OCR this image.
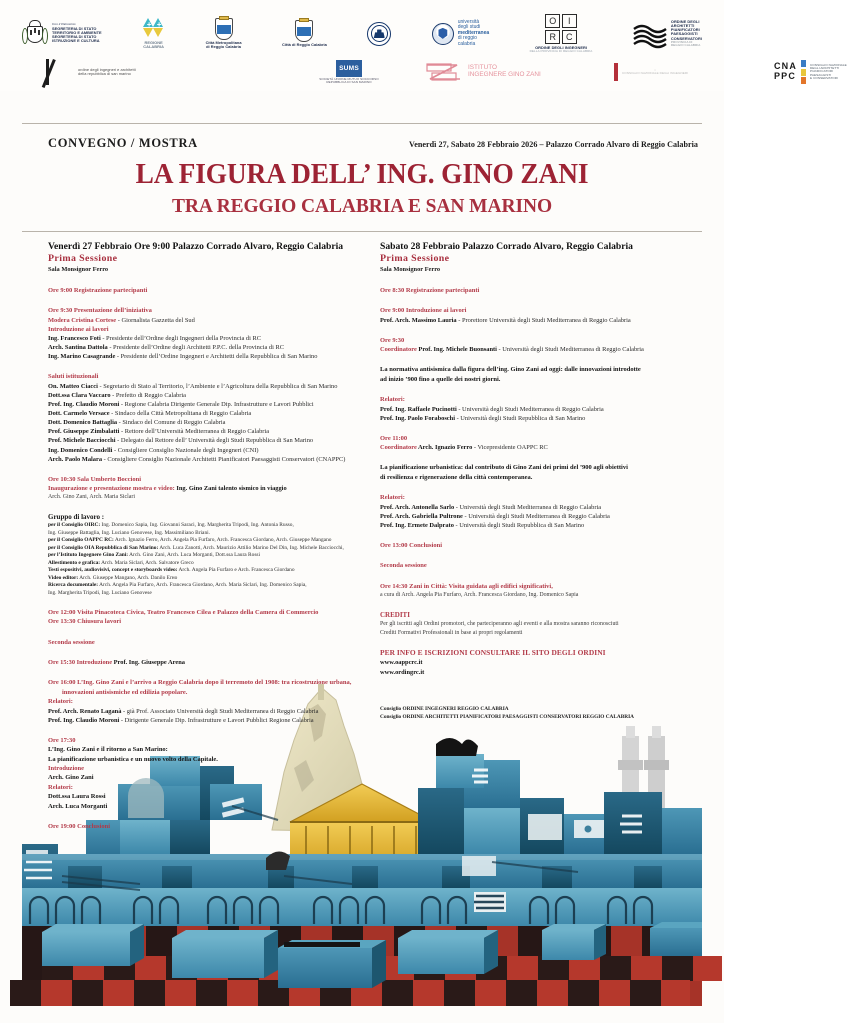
Con il Patrocinio
SEGRETERIA DI STATO
TERRITORIO E AMBIENTE
SEGRETERIA DI STATO
ISTRUZIONE E CULTURA
+ +
REGIONE
CALABRIA
Città Metropolitana
di Reggio Calabria	Città di Reggio Calabria
università
degli studi
mediterranea
di reggio
calabria
O	I
R	C
ORDINE DEGLI INGEGNERI
DELLA PROVINCIA DI REGGIO CALABRIA
ORDINE DEGLI
ARCHITETTI
PIANIFICATORI
PAESAGGISTI
CONSERVATORI
PROVINCIA DI
REGGIO CALABRIA
ordine degli ingegneri e architetti
della repubblica di san marino
SUMS
SOCIETÀ UNIONE MUTUO SOCCORSO
REPUBBLICA DI SAN MARINO
ISTITUTO
INGEGNERE GINO ZANI
○
CONSIGLIO NAZIONALE DEGLI INGEGNERI
CNA
PPC
CONSIGLIO NAZIONALE
DEGLI ARCHITETTI
PIANIFICATORI
PAESAGGISTI
E CONSERVATORI
CONVEGNO / MOSTRA	Venerdì 27, Sabato 28 Febbraio 2026 – Palazzo Corrado Alvaro di Reggio Calabria
LA FIGURA DELL’ ING. GINO ZANI
TRA REGGIO CALABRIA E SAN MARINO
Venerdì 27 Febbraio Ore 9:00 Palazzo Corrado Alvaro, Reggio Calabria
Prima Sessione
Sala Monsignor Ferro
Ore 9:00 Registrazione partecipanti
Ore 9:30 Presentazione dell’iniziativa
Modera Cristina Cortese - Giornalista Gazzetta del Sud
Introduzione ai lavori
Ing. Francesco Foti - Presidente dell’Ordine degli Ingegneri della Provincia di RC
Arch. Santina Dattola - Presidente dell’Ordine degli Architetti P.P.C. della Provincia di RC
Ing. Marino Casagrande - Presidente dell’Ordine Ingegneri e Architetti della Repubblica di San Marino
Saluti istituzionali
On. Matteo Ciacci - Segretario di Stato al Territorio, l’Ambiente e l’Agricoltura della Repubblica di San Marino
Dott.ssa Clara Vaccaro - Prefetto di Reggio Calabria
Prof. Ing. Claudio Moroni - Regione Calabria Dirigente Generale Dip. Infrastrutture e Lavori Pubblici
Dott. Carmelo Versace - Sindaco della Città Metropolitana di Reggio Calabria
Dott. Domenico Battaglia - Sindaco del Comune di Reggio Calabria
Prof. Giuseppe Zimbalatti - Rettore dell’Università Mediterranea di Reggio Calabria
Prof. Michele Bacciocchi - Delegato dal Rettore dell’ Università degli Studi Repubblica di San Marino
Ing. Domenico Condelli - Consigliere Consiglio Nazionale degli Ingegneri (CNI)
Arch. Paolo Malara - Consigliere Consiglio Nazionale Architetti Pianificatori Paesaggisti Conservatori (CNAPPC)
Ore 10:30 Sala Umberto Boccioni
Inaugurazione e presentazione mostra e video: Ing. Gino Zani talento sismico in viaggio
Arch. Gino Zani, Arch. Maria Siclari
Gruppo di lavoro :
per il Consiglio OIRC: Ing. Domenico Sapia, Ing. Giovanni Saraci, Ing. Margherita Tripodi, Ing. Antonia Russo,
Ing. Giuseppe Battaglia, Ing. Luciano Genovese, Ing. Massimiliano Briani.
per il Consiglio OAPPC RC: Arch. Ignazio Ferro, Arch. Angela Pia Furfaro, Arch. Francesca Giordano, Arch. Giuseppe Mangano
per il Consiglio OIA Repubblica di San Marino: Arch. Luca Zanotti, Arch. Maurizio Attilio Marino Del Din, Ing. Michele Bacciocchi,
per l’Istituto Ingegnere Gino Zani: Arch. Gino Zani, Arch. Luca Morganti, Dott.ssa Laura Rossi
Allestimento e grafica: Arch. Maria Siclari, Arch. Salvatore Greco
Testi espositivi, audiovisivi, concept e storyboards video: Arch. Angela Pia Furfaro e Arch. Francesca Giordano
Video editor: Arch. Giuseppe Mangano, Arch. Danilo Erно
Ricerca documentale: Arch. Angela Pia Furfaro, Arch. Francesca Giordano, Arch. Maria Siclari, Ing. Domenico Sapia,
Ing. Margherita Tripodi, Ing. Luciano Genovese
Ore 12:00 Visita Pinacoteca Civica, Teatro Francesco Cilea e Palazzo della Camera di Commercio
Ore 13:30 Chiusura lavori
Seconda sessione
Ore 15:30 Introduzione Prof. Ing. Giuseppe Arena
Ore 16:00 L’Ing. Gino Zani e l’arrivo a Reggio Calabria dopo il terremoto del 1908: tra ricostruzione urbana,
innovazioni antisismiche ed edilizia popolare.
Relatori:
Prof. Arch. Renato Laganà - già Prof. Associato Università degli Studi Mediterranea di Reggio Calabria
Prof. Ing. Claudio Moroni - Dirigente Generale Dip. Infrastrutture e Lavori Pubblici Regione Calabria
Ore 17:30
L’Ing. Gino Zani e il ritorno a San Marino:
La pianificazione urbanistica e un nuovo volto della Capitale.
Introduzione
Arch. Gino Zani
Relatori:
Dott.ssa Laura Rossi
Arch. Luca Morganti
Ore 19:00 Conclusioni
Sabato 28 Febbraio Palazzo Corrado Alvaro, Reggio Calabria
Prima Sessione
Sala Monsignor Ferro
Ore 8:30 Registrazione partecipanti
Ore 9:00 Introduzione ai lavori
Prof. Arch. Massimo Lauria - Prorettore Università degli Studi Mediterranea di Reggio Calabria
Ore 9:30
Coordinatore Prof. Ing. Michele Buonsanti - Università degli Studi Mediterranea di Reggio Calabria
La normativa antisismica dalla figura dell’ing. Gino Zani ad oggi: dalle innovazioni introdotte
ad inizio ’900 fino a quelle dei nostri giorni.
Relatori:
Prof. Ing. Raffaele Pucinotti - Università degli Studi Mediterranea di Reggio Calabria
Prof. Ing. Paolo Foraboschi - Università degli Studi Repubblica di San Marino
Ore 11:00
Coordinatore Arch. Ignazio Ferro - Vicepresidente OAPPC RC
La pianificazione urbanistica: dal contributo di Gino Zani dei primi del ’900 agli obiettivi
di resilienza e rigenerazione della città contemporanea.
Relatori:
Prof. Arch. Antonella Sarlo - Università degli Studi Mediterranea di Reggio Calabria
Prof. Arch. Gabriella Pultrone - Università degli Studi Mediterranea di Reggio Calabria
Prof. Ing. Ermete Dalprato - Università degli Studi Repubblica di San Marino
Ore 13:00 Conclusioni
Seconda sessione
Ore 14:30 Zani in Città: Visita guidata agli edifici significativi,
a cura di Arch. Angela Pia Furfaro, Arch. Francesca Giordano, Ing. Domenico Sapia
CREDITI
Per gli iscritti agli Ordini promotori, che parteciperanno agli eventi e alla mostra saranno riconosciuti
Crediti Formativi Professionali in base ai propri regolamenti
PER INFO E ISCRIZIONI CONSULTARE IL SITO DEGLI ORDINI
www.oappcrc.it
www.ordingrc.it
Consiglio ORDINE INGEGNERI REGGIO CALABRIA
Consiglio ORDINE ARCHITETTI PIANIFICATORI PAESAGGISTI CONSERVATORI REGGIO CALABRIA
